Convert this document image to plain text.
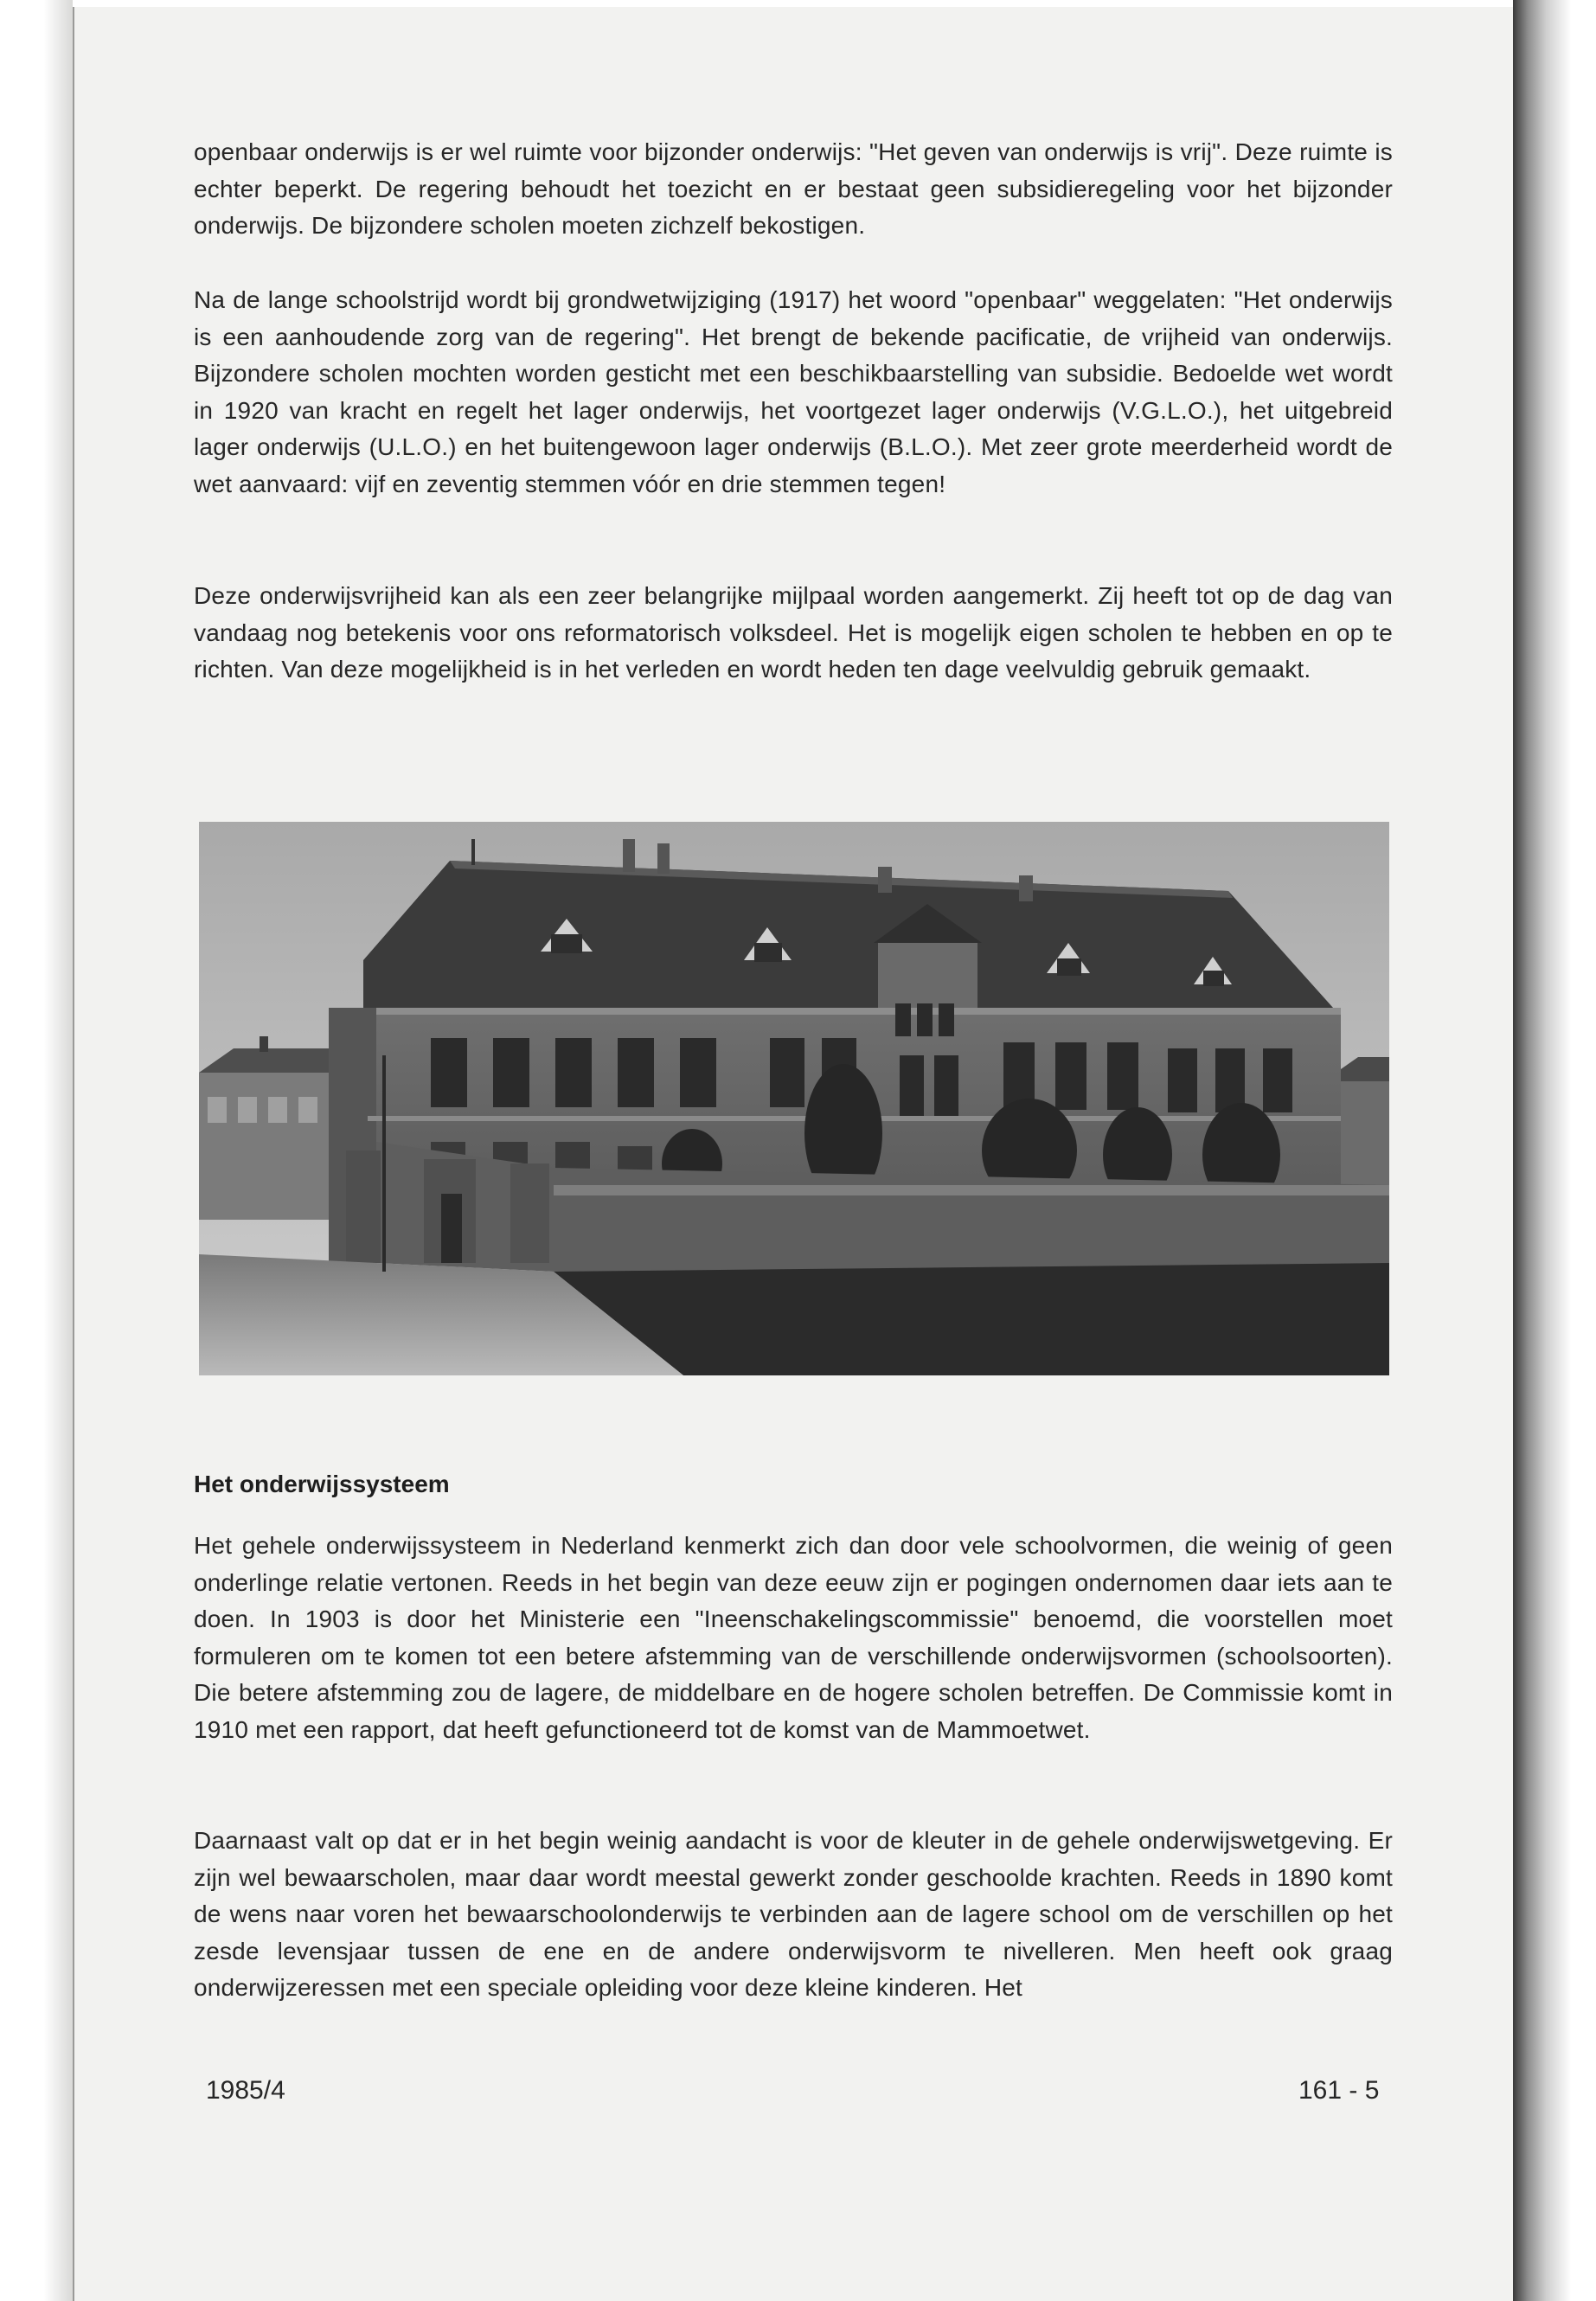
openbaar onderwijs is er wel ruimte voor bijzonder onderwijs: "Het geven van onderwijs is vrij". Deze ruimte is echter beperkt. De regering behoudt het toezicht en er bestaat geen subsidieregeling voor het bijzonder onderwijs. De bijzondere scholen moeten zichzelf bekostigen.

Na de lange schoolstrijd wordt bij grondwetwijziging (1917) het woord "openbaar" weggelaten: "Het onderwijs is een aanhoudende zorg van de regering". Het brengt de bekende pacificatie, de vrijheid van onderwijs. Bijzondere scholen mochten worden gesticht met een beschikbaarstelling van subsidie. Bedoelde wet wordt in 1920 van kracht en regelt het lager onderwijs, het voortgezet lager onderwijs (V.G.L.O.), het uitgebreid lager onderwijs (U.L.O.) en het buitengewoon lager onderwijs (B.L.O.). Met zeer grote meerderheid wordt de wet aanvaard: vijf en zeventig stemmen vóór en drie stemmen tegen!

Deze onderwijsvrijheid kan als een zeer belangrijke mijlpaal worden aangemerkt. Zij heeft tot op de dag van vandaag nog betekenis voor ons reformatorisch volksdeel. Het is mogelijk eigen scholen te hebben en op te richten. Van deze mogelijkheid is in het verleden en wordt heden ten dage veelvuldig gebruik gemaakt.

Het onderwijssysteem

Het gehele onderwijssysteem in Nederland kenmerkt zich dan door vele schoolvormen, die weinig of geen onderlinge relatie vertonen. Reeds in het begin van deze eeuw zijn er pogingen ondernomen daar iets aan te doen. In 1903 is door het Ministerie een "Ineenschakelingscommissie" benoemd, die voorstellen moet formuleren om te komen tot een betere afstemming van de verschillende onderwijsvormen (schoolsoorten). Die betere afstemming zou de lagere, de middelbare en de hogere scholen betreffen. De Commissie komt in 1910 met een rapport, dat heeft gefunctioneerd tot de komst van de Mammoetwet.

Daarnaast valt op dat er in het begin weinig aandacht is voor de kleuter in de gehele onderwijswetgeving. Er zijn wel bewaarscholen, maar daar wordt meestal gewerkt zonder geschoolde krachten. Reeds in 1890 komt de wens naar voren het bewaarschoolonderwijs te verbinden aan de lagere school om de verschillen op het zesde levensjaar tussen de ene en de andere onderwijsvorm te nivelleren. Men heeft ook graag onderwijzeressen met een speciale opleiding voor deze kleine kinderen. Het

1985/4	161 - 5
